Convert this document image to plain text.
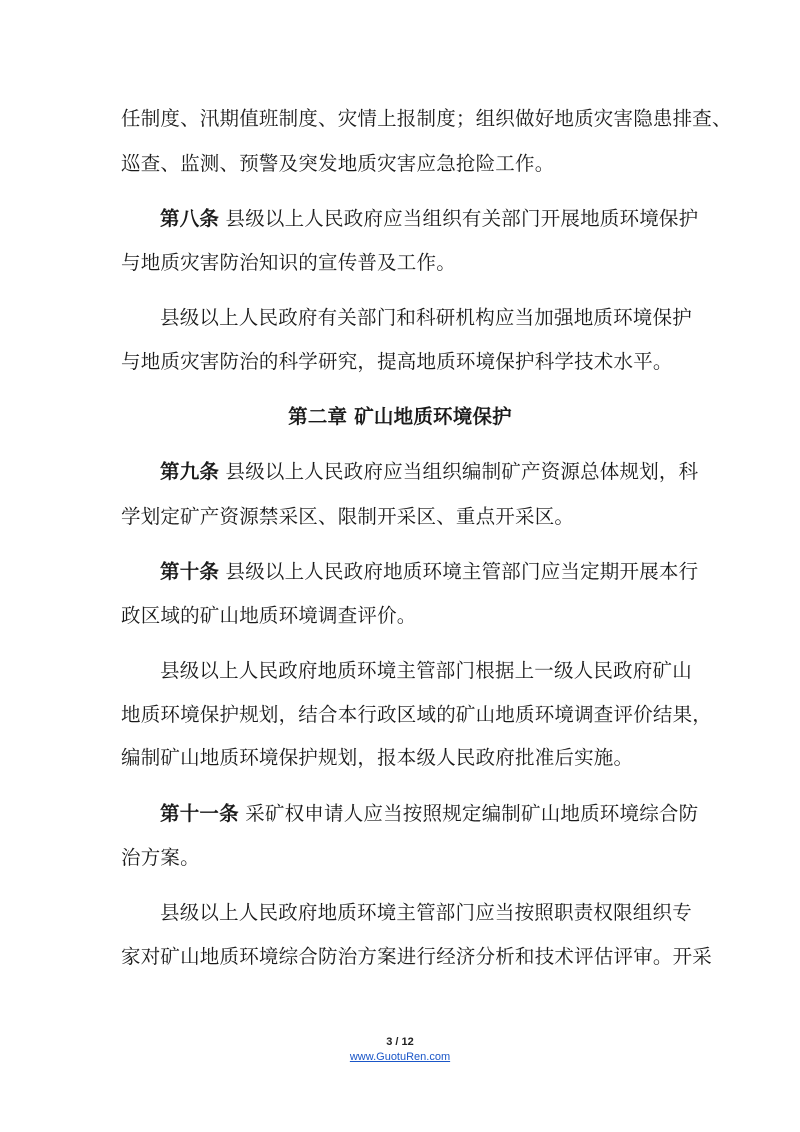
任制度、汛期值班制度、灾情上报制度；组织做好地质灾害隐患排查、
巡查、监测、预警及突发地质灾害应急抢险工作。
第八条 县级以上人民政府应当组织有关部门开展地质环境保护
与地质灾害防治知识的宣传普及工作。
县级以上人民政府有关部门和科研机构应当加强地质环境保护
与地质灾害防治的科学研究，提高地质环境保护科学技术水平。
第二章 矿山地质环境保护
第九条 县级以上人民政府应当组织编制矿产资源总体规划，科
学划定矿产资源禁采区、限制开采区、重点开采区。
第十条 县级以上人民政府地质环境主管部门应当定期开展本行
政区域的矿山地质环境调查评价。
县级以上人民政府地质环境主管部门根据上一级人民政府矿山
地质环境保护规划，结合本行政区域的矿山地质环境调查评价结果，
编制矿山地质环境保护规划，报本级人民政府批准后实施。
第十一条 采矿权申请人应当按照规定编制矿山地质环境综合防
治方案。
县级以上人民政府地质环境主管部门应当按照职责权限组织专
家对矿山地质环境综合防治方案进行经济分析和技术评估评审。开采
3 / 12
www.GuotuRen.com
